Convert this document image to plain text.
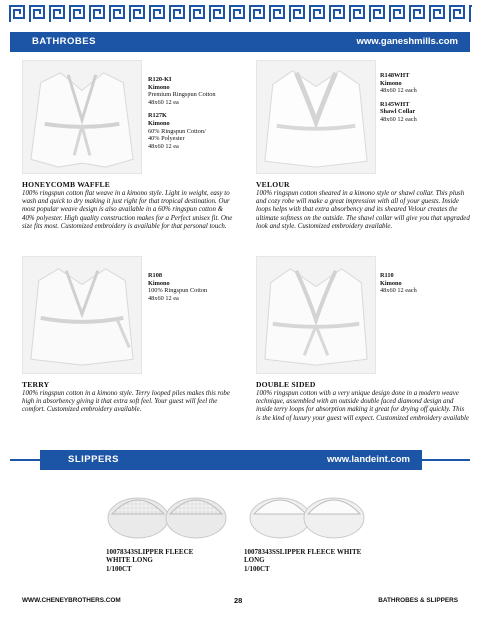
BATHROBES	www.ganeshmills.com
R120-KI
Kimono
Premium Ringspun Cotton
48x60 12 ea
R127K
Kimono
60% Ringspun Cotton/
40% Polyester
48x60 12 ea
HONEYCOMB WAFFLE
100% ringspun cotton flat weave in a kimono style. Light in weight, easy to wash and quick to dry making it just right for that tropical destination. Our most popular weave design is also available in a 60% ringspun cotton & 40% polyester. High quality construction makes for a Perfect unisex fit. One size fits most. Customized embroidery is available for that personal touch.
R148WHT
Kimono
48x60 12 each
R145WHT
Shawl Collar
48x60 12 each
VELOUR
100% ringspun cotton sheared in a kimono style or shawl collar. This plush and cozy robe will make a great impression with all of your guests. Inside loops helps with that extra absorbency and its sheared Velour creates the ultimate softness on the outside. The shawl collar will give you that upgraded look and style. Customized embroidery available.
R108
Kimono
100% Ringspun Cotton
48x60 12 ea
TERRY
100% ringspun cotton in a kimono style. Terry looped piles makes this robe high in absorbency giving it that extra soft feel. Your guest will feel the comfort. Customized embroidery available.
R110
Kimono
48x60 12 each
DOUBLE SIDED
100% ringspun cotton with a very unique design done in a modern weave technique, assembled with an outside double faced diamond design and inside terry loops for absorption making it great for drying off quickly. This is the kind of luxury your guest will expect. Customized embroidery available
SLIPPERS	www.landeint.com
10078343SLIPPER FLEECE
WHITE LONG
1/100CT
10078343SSLIPPER FLEECE WHITE
LONG
1/100CT
WWW.CHENEYBROTHERS.COM	28	BATHROBES & SLIPPERS
